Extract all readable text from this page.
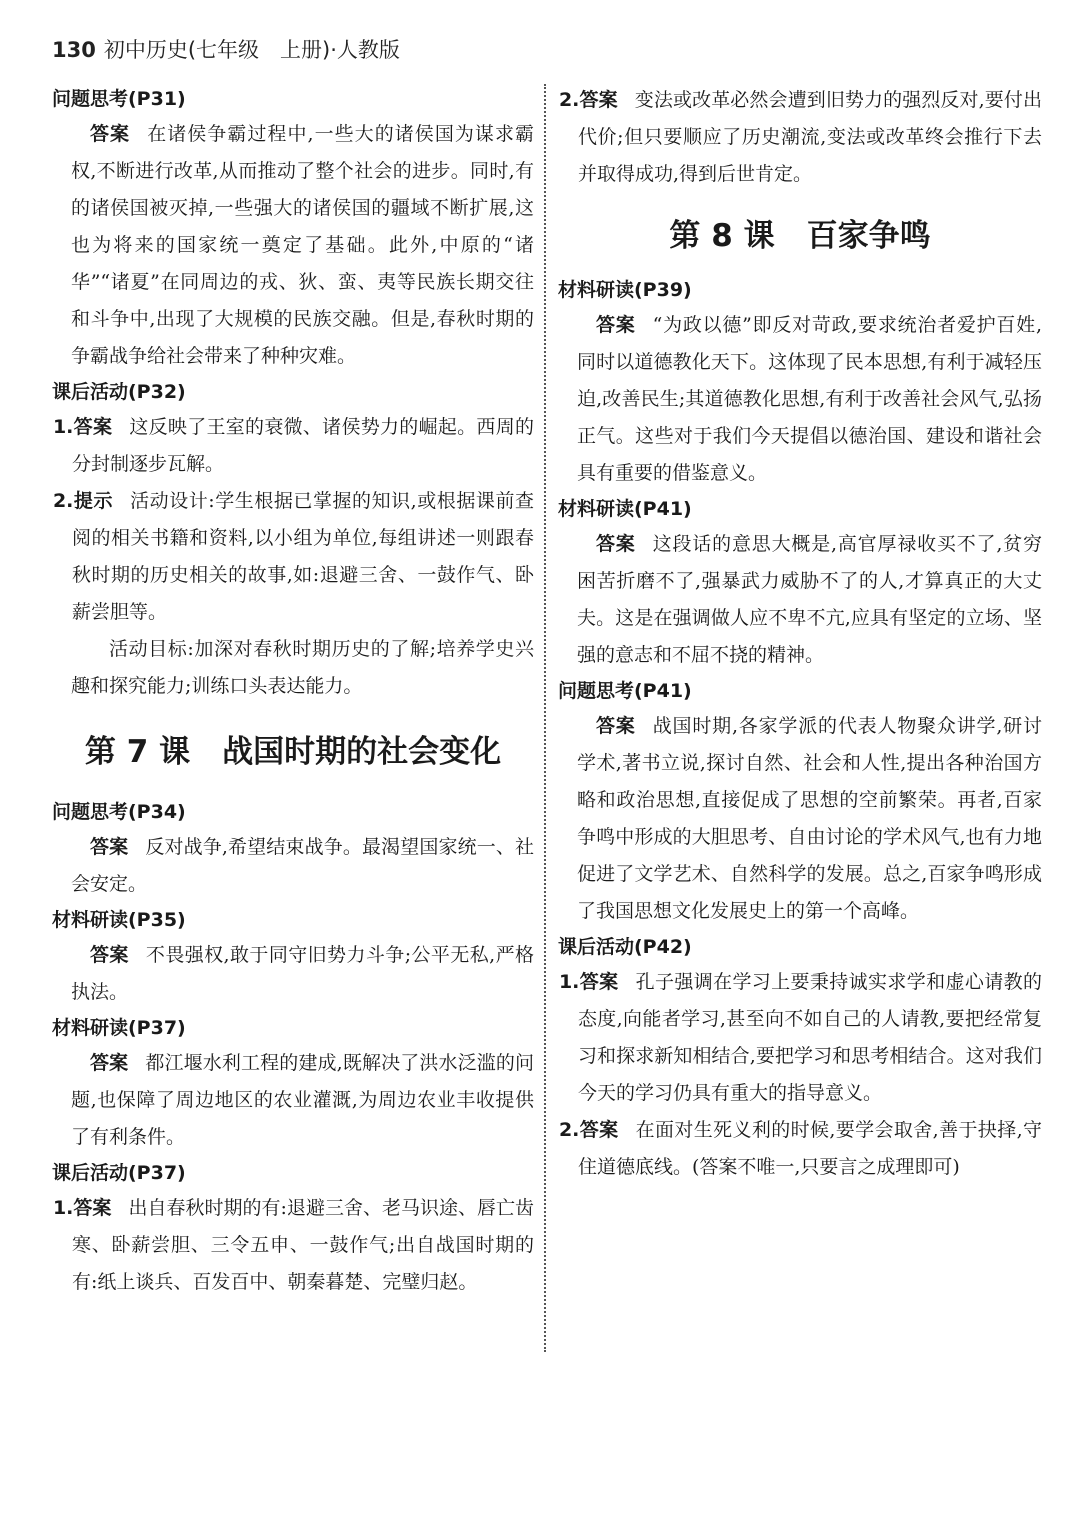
130 初中历史(七年级　上册)·人教版

问题思考(P31)

答案 在诸侯争霸过程中,一些大的诸侯国为谋求霸权,不断进行改革,从而推动了整个社会的进步。同时,有的诸侯国被灭掉,一些强大的诸侯国的疆域不断扩展,这也为将来的国家统一奠定了基础。此外,中原的“诸华”“诸夏”在同周边的戎、狄、蛮、夷等民族长期交往和斗争中,出现了大规模的民族交融。但是,春秋时期的争霸战争给社会带来了种种灾难。

课后活动(P32)

1.答案 这反映了王室的衰微、诸侯势力的崛起。西周的分封制逐步瓦解。

2.提示 活动设计:学生根据已掌握的知识,或根据课前查阅的相关书籍和资料,以小组为单位,每组讲述一则跟春秋时期的历史相关的故事,如:退避三舍、一鼓作气、卧薪尝胆等。

活动目标:加深对春秋时期历史的了解;培养学史兴趣和探究能力;训练口头表达能力。

第 7 课 战国时期的社会变化

问题思考(P34)

答案 反对战争,希望结束战争。最渴望国家统一、社会安定。

材料研读(P35)

答案 不畏强权,敢于同守旧势力斗争;公平无私,严格执法。

材料研读(P37)

答案 都江堰水利工程的建成,既解决了洪水泛滥的问题,也保障了周边地区的农业灌溉,为周边农业丰收提供了有利条件。

课后活动(P37)

1.答案 出自春秋时期的有:退避三舍、老马识途、唇亡齿寒、卧薪尝胆、三令五申、一鼓作气;出自战国时期的有:纸上谈兵、百发百中、朝秦暮楚、完璧归赵。

2.答案 变法或改革必然会遭到旧势力的强烈反对,要付出代价;但只要顺应了历史潮流,变法或改革终会推行下去并取得成功,得到后世肯定。

第 8 课 百家争鸣

材料研读(P39)

答案 “为政以德”即反对苛政,要求统治者爱护百姓,同时以道德教化天下。这体现了民本思想,有利于减轻压迫,改善民生;其道德教化思想,有利于改善社会风气,弘扬正气。这些对于我们今天提倡以德治国、建设和谐社会具有重要的借鉴意义。

材料研读(P41)

答案 这段话的意思大概是,高官厚禄收买不了,贫穷困苦折磨不了,强暴武力威胁不了的人,才算真正的大丈夫。这是在强调做人应不卑不亢,应具有坚定的立场、坚强的意志和不屈不挠的精神。

问题思考(P41)

答案 战国时期,各家学派的代表人物聚众讲学,研讨学术,著书立说,探讨自然、社会和人性,提出各种治国方略和政治思想,直接促成了思想的空前繁荣。再者,百家争鸣中形成的大胆思考、自由讨论的学术风气,也有力地促进了文学艺术、自然科学的发展。总之,百家争鸣形成了我国思想文化发展史上的第一个高峰。

课后活动(P42)

1.答案 孔子强调在学习上要秉持诚实求学和虚心请教的态度,向能者学习,甚至向不如自己的人请教,要把经常复习和探求新知相结合,要把学习和思考相结合。这对我们今天的学习仍具有重大的指导意义。

2.答案 在面对生死义利的时候,要学会取舍,善于抉择,守住道德底线。(答案不唯一,只要言之成理即可)
